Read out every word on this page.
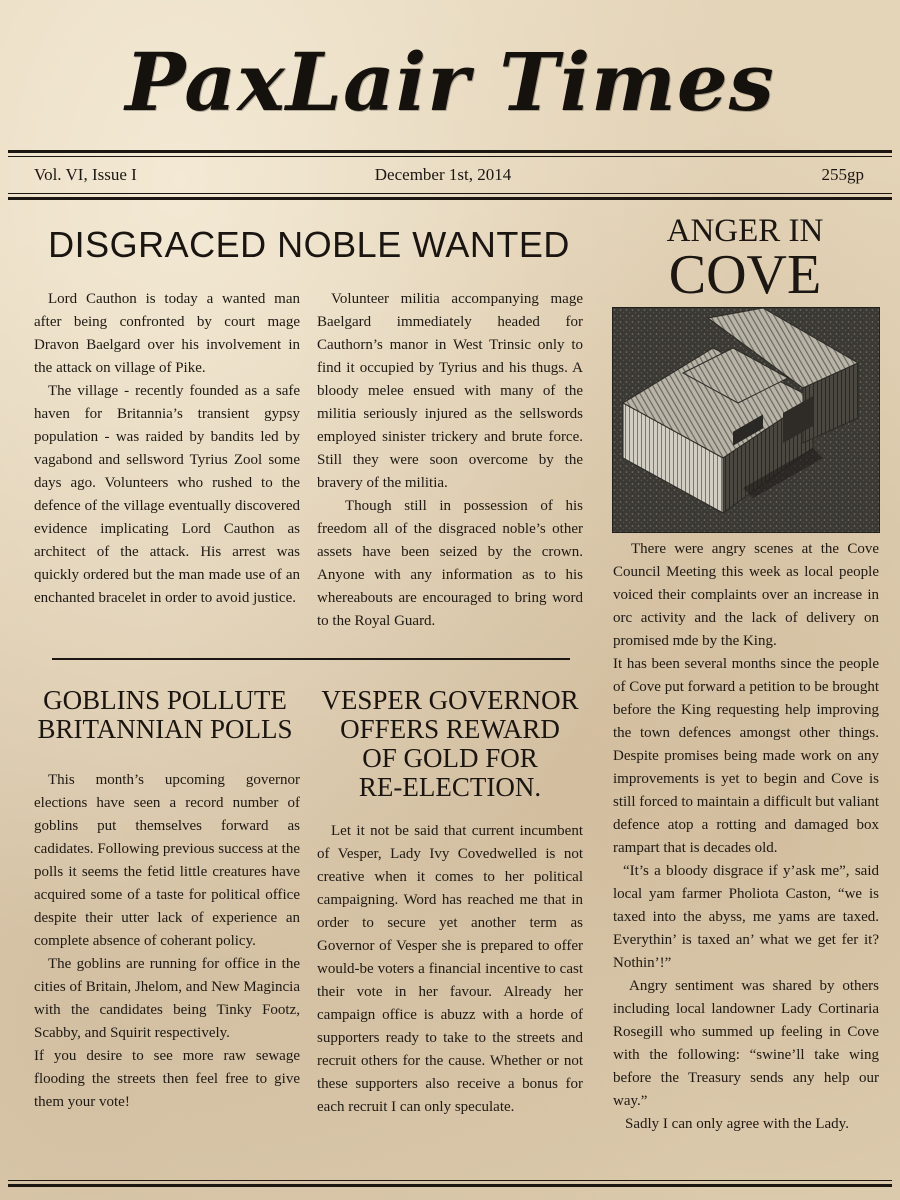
PaxLair Times
Vol. VI, Issue I	December 1st, 2014	255gp
DISGRACED NOBLE WANTED

Lord Cauthon is today a wanted man after being confronted by court mage Dravon Baelgard over his involvement in the attack on village of Pike.

The village - recently founded as a safe haven for Britannia’s transient gypsy population - was raided by bandits led by vagabond and sellsword Tyrius Zool some days ago. Volunteers who rushed to the defence of the village eventually discovered evidence implicating Lord Cauthon as architect of the attack. His arrest was quickly ordered but the man made use of an enchanted bracelet in order to avoid justice.

Volunteer militia accompanying mage Baelgard immediately headed for Cauthorn’s manor in West Trinsic only to find it occupied by Tyrius and his thugs. A bloody melee ensued with many of the militia seriously injured as the sellswords employed sinister trickery and brute force. Still they were soon overcome by the bravery of the militia.

Though still in possession of his freedom all of the disgraced noble’s other assets have been seized by the crown. Anyone with any information as to his whereabouts are encouraged to bring word to the Royal Guard.

GOBLINS POLLUTE
BRITANNIAN POLLS

This month’s upcoming governor elections have seen a record number of goblins put themselves forward as cadidates. Following previous success at the polls it seems the fetid little creatures have acquired some of a taste for political office despite their utter lack of experience an complete absence of coherant policy.

The goblins are running for office in the cities of Britain, Jhelom, and New Magincia with the candidates being Tinky Footz, Scabby, and Squirit respectively.

If you desire to see more raw sewage flooding the streets then feel free to give them your vote!

VESPER GOVERNOR
OFFERS REWARD
OF GOLD FOR
RE-ELECTION.

Let it not be said that current incumbent of Vesper, Lady Ivy Covedwelled is not creative when it comes to her political campaigning. Word has reached me that in order to secure yet another term as Governor of Vesper she is prepared to offer would-be voters a financial incentive to cast their vote in her favour. Already her campaign office is abuzz with a horde of supporters ready to take to the streets and recruit others for the cause. Whether or not these supporters also receive a bonus for each recruit I can only speculate.

ANGER IN
COVE

There were angry scenes at the Cove Council Meeting this week as local people voiced their complaints over an increase in orc activity and the lack of delivery on promised mde by the King.

It has been several months since the people of Cove put forward a petition to be brought before the King requesting help improving the town defences amongst other things. Despite promises being made work on any improvements is yet to begin and Cove is still forced to maintain a difficult but valiant defence atop a rotting and damaged box rampart that is decades old.

“It’s a bloody disgrace if y’ask me”, said local yam farmer Pholiota Caston, “we is taxed into the abyss, me yams are taxed. Everythin’ is taxed an’ what we get fer it? Nothin’!”

Angry sentiment was shared by others including local landowner Lady Cortinaria Rosegill who summed up feeling in Cove with the following: “swine’ll take wing before the Treasury sends any help our way.”

Sadly I can only agree with the Lady.
